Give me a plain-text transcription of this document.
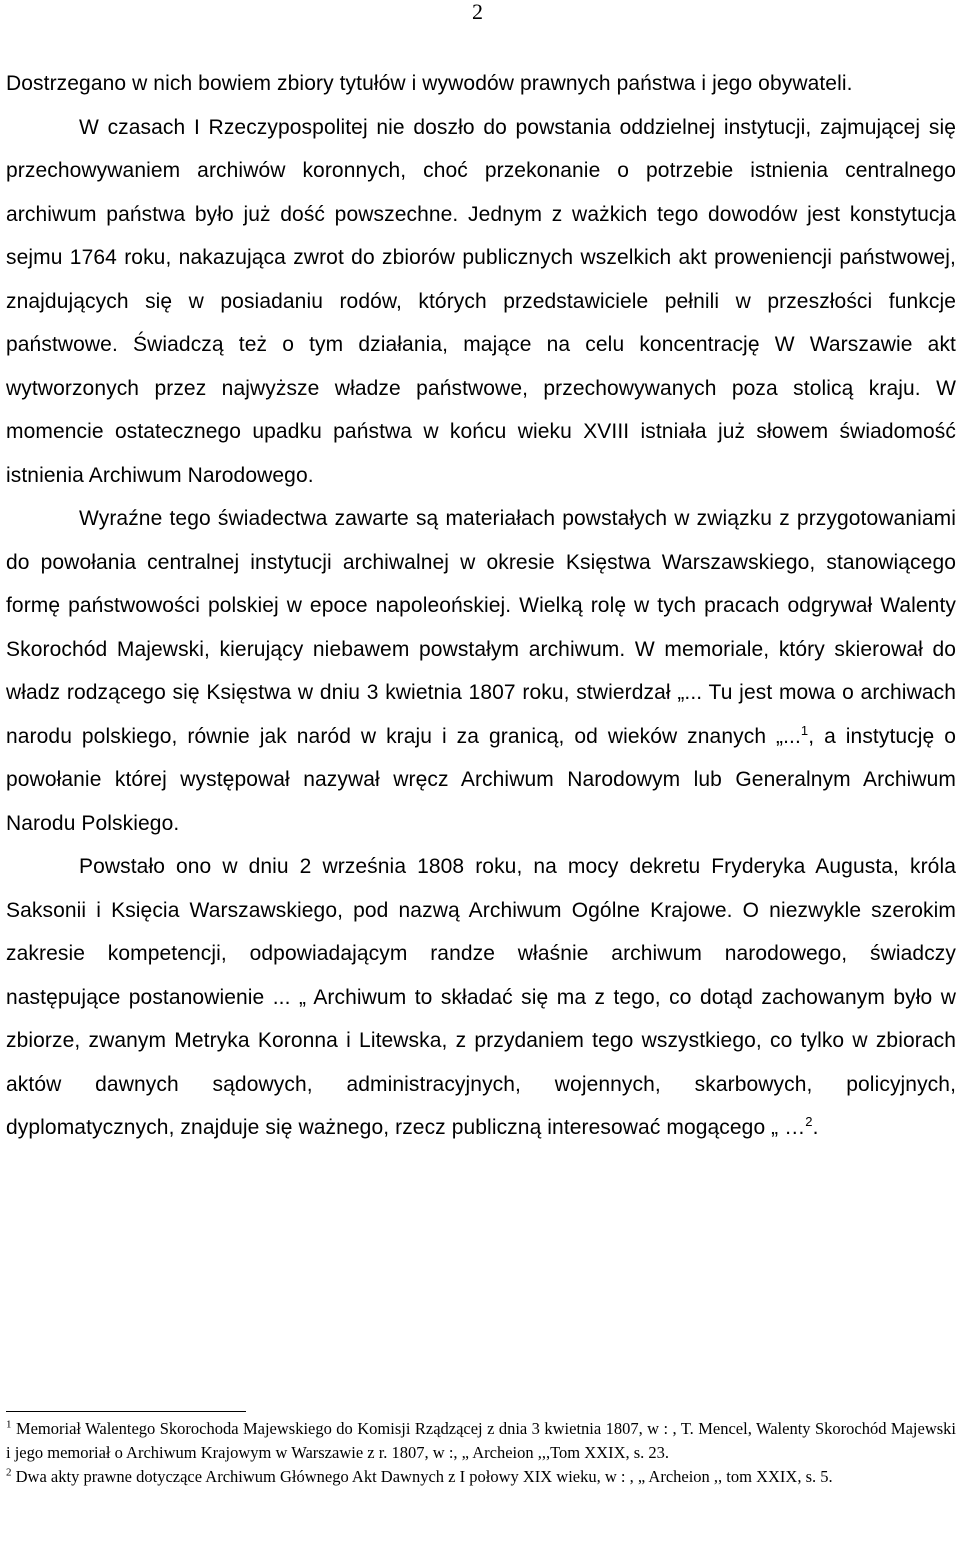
2

Dostrzegano w nich bowiem zbiory tytułów i wywodów prawnych państwa i jego obywateli.

W czasach I Rzeczypospolitej nie doszło do powstania oddzielnej instytucji, zajmującej się przechowywaniem archiwów koronnych, choć przekonanie o potrzebie istnienia centralnego archiwum państwa było już dość powszechne. Jednym z ważkich tego dowodów jest konstytucja sejmu 1764 roku, nakazująca zwrot do zbiorów publicznych wszelkich akt proweniencji państwowej, znajdujących się w posiadaniu rodów, których przedstawiciele pełnili w przeszłości funkcje państwowe. Świadczą też o tym działania, mające na celu koncentrację W Warszawie akt wytworzonych przez najwyższe władze państwowe, przechowywanych poza stolicą kraju. W momencie ostatecznego upadku państwa w końcu wieku XVIII istniała już słowem świadomość istnienia Archiwum Narodowego.

Wyraźne tego świadectwa zawarte są materiałach powstałych w związku z przygotowaniami do powołania centralnej instytucji archiwalnej w okresie Księstwa Warszawskiego, stanowiącego formę państwowości polskiej w epoce napoleońskiej. Wielką rolę w tych pracach odgrywał Walenty Skorochód Majewski, kierujący niebawem powstałym archiwum. W memoriale, który skierował do władz rodzącego się Księstwa w dniu 3 kwietnia 1807 roku, stwierdzał „... Tu jest mowa o archiwach narodu polskiego, równie jak naród w kraju i za granicą, od wieków znanych „...$^1$, a instytucję o powołanie której występował nazywał wręcz Archiwum Narodowym lub Generalnym Archiwum Narodu Polskiego.

Powstało ono w dniu 2 września 1808 roku, na mocy dekretu Fryderyka Augusta, króla Saksonii i Księcia Warszawskiego, pod nazwą Archiwum Ogólne Krajowe. O niezwykle szerokim zakresie kompetencji, odpowiadającym randze właśnie archiwum narodowego, świadczy następujące postanowienie ... „ Archiwum to składać się ma z tego, co dotąd zachowanym było w zbiorze, zwanym Metryka Koronna i Litewska, z przydaniem tego wszystkiego, co tylko w zbiorach aktów dawnych sądowych, administracyjnych, wojennych, skarbowych, policyjnych, dyplomatycznych, znajduje się ważnego, rzecz publiczną interesować mogącego „ …$^2$.

$^1$ Memoriał Walentego Skorochoda Majewskiego do Komisji Rządzącej z dnia 3 kwietnia 1807, w : , T. Mencel, Walenty Skorochód Majewski i jego memoriał o Archiwum Krajowym w Warszawie z r. 1807, w :, „ Archeion ,,,Tom XXIX, s. 23.

$^2$ Dwa akty prawne dotyczące Archiwum Głównego Akt Dawnych z I połowy XIX wieku, w : , „ Archeion ,, tom XXIX, s. 5.
